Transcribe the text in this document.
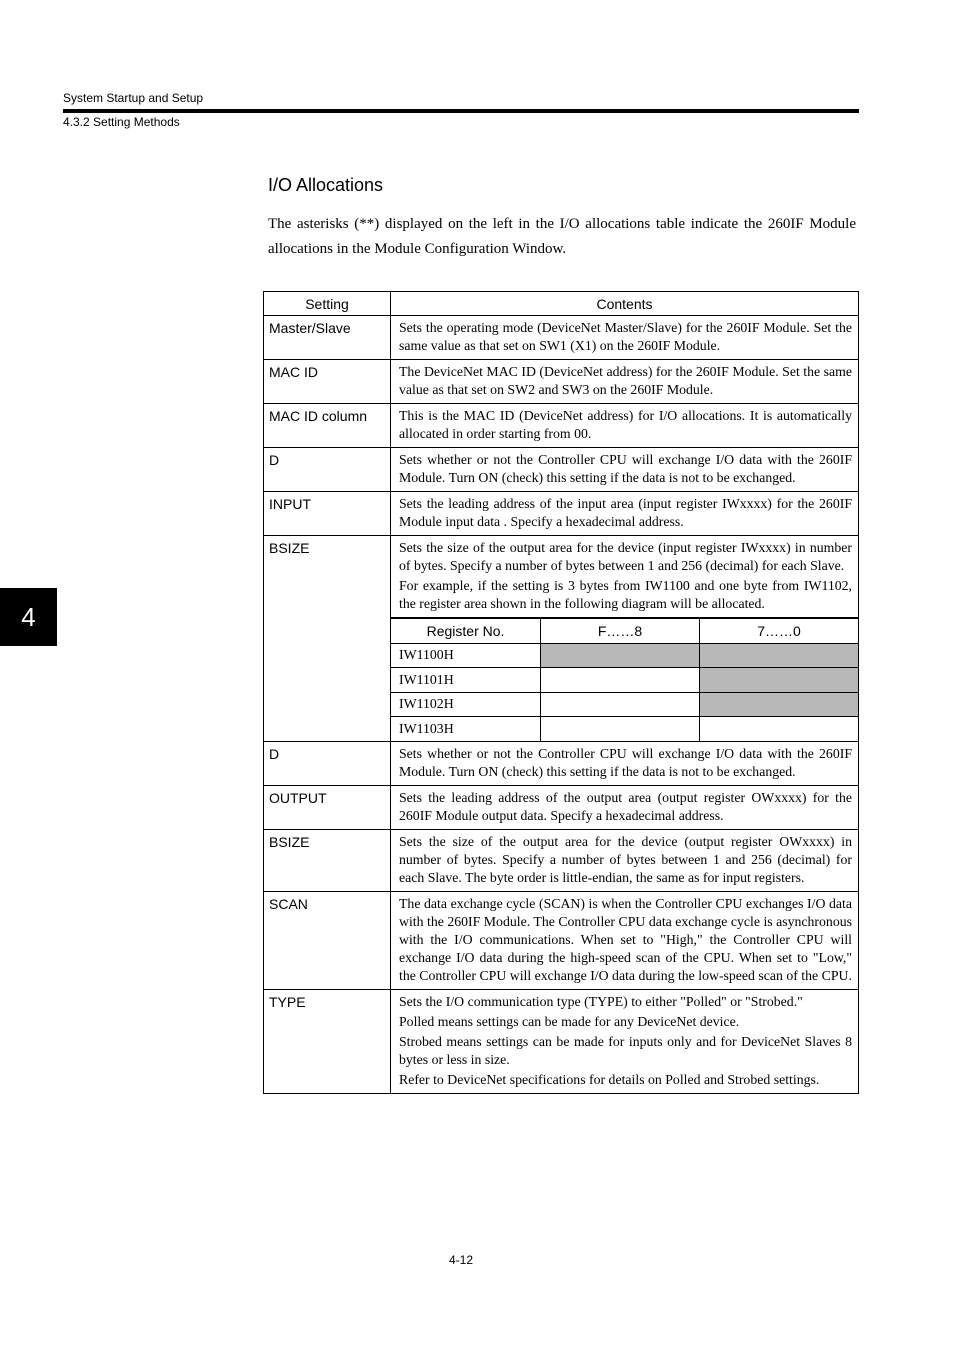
System Startup and Setup
4.3.2 Setting Methods
4
I/O Allocations
The asterisks (**) displayed on the left in the I/O allocations table indicate the 260IF Module allocations in the Module Configuration Window.
Setting	Contents
Master/Slave	Sets the operating mode (DeviceNet Master/Slave) for the 260IF Module. Set the same value as that set on SW1 (X1) on the 260IF Module.

MAC ID	The DeviceNet MAC ID (DeviceNet address) for the 260IF Module. Set the same value as that set on SW2 and SW3 on the 260IF Module.

MAC ID column	This is the MAC ID (DeviceNet address) for I/O allocations. It is automatically allocated in order starting from 00.

D	Sets whether or not the Controller CPU will exchange I/O data with the 260IF Module. Turn ON (check) this setting if the data is not to be exchanged.

INPUT	Sets the leading address of the input area (input register IWxxxx) for the 260IF Module input data . Specify a hexadecimal address.

BSIZE	Sets the size of the output area for the device (input register IWxxxx) in number of bytes. Specify a number of bytes between 1 and 256 (decimal) for each Slave.

For example, if the setting is 3 bytes from IW1100 and one byte from IW1102, the register area shown in the following diagram will be allocated.

Register No.	F……8	7……0
IW1100H		
IW1101H		
IW1102H		
IW1103H		

D	Sets whether or not the Controller CPU will exchange I/O data with the 260IF Module. Turn ON (check) this setting if the data is not to be exchanged.

OUTPUT	Sets the leading address of the output area (output register OWxxxx) for the 260IF Module output data. Specify a hexadecimal address.

BSIZE	Sets the size of the output area for the device (output register OWxxxx) in number of bytes. Specify a number of bytes between 1 and 256 (decimal) for each Slave. The byte order is little-endian, the same as for input registers.

SCAN	The data exchange cycle (SCAN) is when the Controller CPU exchanges I/O data with the 260IF Module. The Controller CPU data exchange cycle is asynchronous with the I/O communications. When set to "High," the Controller CPU will exchange I/O data during the high-speed scan of the CPU. When set to "Low," the Controller CPU will exchange I/O data during the low-speed scan of the CPU.

TYPE	Sets the I/O communication type (TYPE) to either "Polled" or "Strobed."

Polled means settings can be made for any DeviceNet device.

Strobed means settings can be made for inputs only and for DeviceNet Slaves 8 bytes or less in size.

Refer to DeviceNet specifications for details on Polled and Strobed settings.

4-12
